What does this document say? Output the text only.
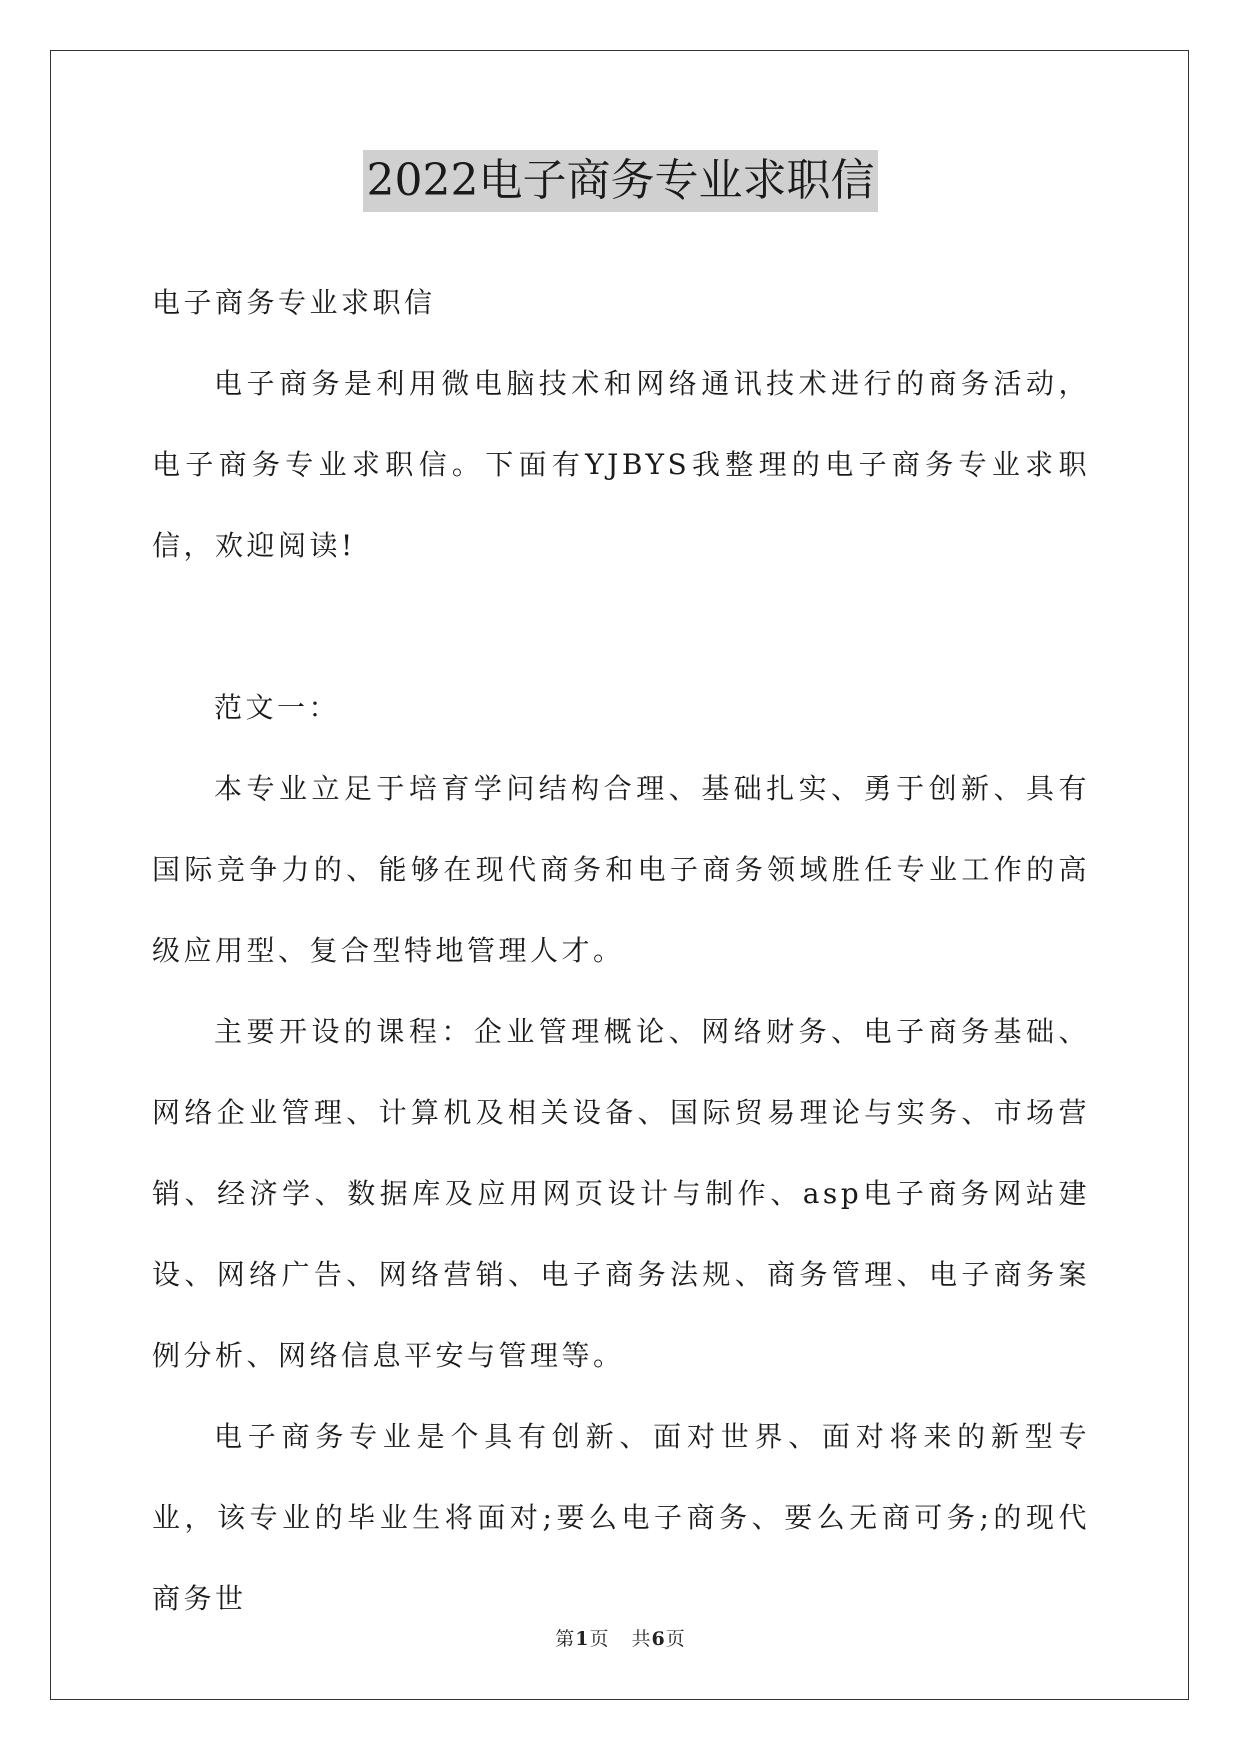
2022电子商务专业求职信

电子商务专业求职信

电子商务是利用微电脑技术和网络通讯技术进行的商务活动，电子商务专业求职信。下面有YJBYS我整理的电子商务专业求职信，欢迎阅读!

范文一：

本专业立足于培育学问结构合理、基础扎实、勇于创新、具有国际竞争力的、能够在现代商务和电子商务领域胜任专业工作的高级应用型、复合型特地管理人才。

主要开设的课程：企业管理概论、网络财务、电子商务基础、网络企业管理、计算机及相关设备、国际贸易理论与实务、市场营销、经济学、数据库及应用网页设计与制作、asp电子商务网站建设、网络广告、网络营销、电子商务法规、商务管理、电子商务案例分析、网络信息平安与管理等。

电子商务专业是个具有创新、面对世界、面对将来的新型专业，该专业的毕业生将面对;要么电子商务、要么无商可务;的现代商务世

第1页 共6页
